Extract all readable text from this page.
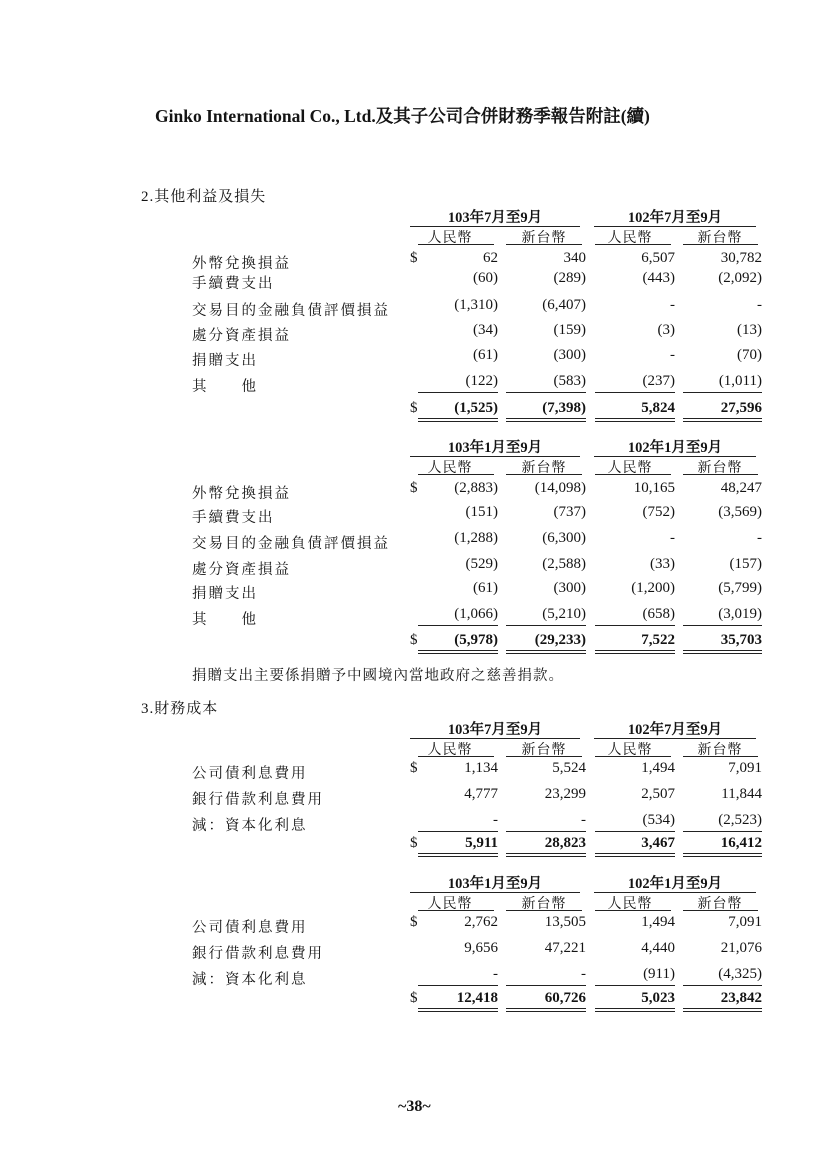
Ginko International Co., Ltd.及其子公司合併財務季報告附註(續)
2.其他利益及損失
捐贈支出主要係捐贈予中國境內當地政府之慈善捐款。
3.財務成本
103年7月至9月	102年7月至9月
人民幣	新台幣	人民幣	新台幣
外幣兌換損益	$	62	340	6,507	30,782
手續費支出	(60)	(289)	(443)	(2,092)
交易目的金融負債評價損益	(1,310)	(6,407)	-	-
處分資產損益	(34)	(159)	(3)	(13)
捐贈支出	(61)	(300)	-	(70)
其　　他	(122)	(583)	(237)	(1,011)
$	(1,525)	(7,398)	5,824	27,596
103年1月至9月	102年1月至9月
人民幣	新台幣	人民幣	新台幣
外幣兌換損益	$	(2,883)	(14,098)	10,165	48,247
手續費支出	(151)	(737)	(752)	(3,569)
交易目的金融負債評價損益	(1,288)	(6,300)	-	-
處分資產損益	(529)	(2,588)	(33)	(157)
捐贈支出	(61)	(300)	(1,200)	(5,799)
其　　他	(1,066)	(5,210)	(658)	(3,019)
$	(5,978)	(29,233)	7,522	35,703
103年7月至9月	102年7月至9月
人民幣	新台幣	人民幣	新台幣
公司債利息費用	$	1,134	5,524	1,494	7,091
銀行借款利息費用	4,777	23,299	2,507	11,844
減：資本化利息	-	-	(534)	(2,523)
$	5,911	28,823	3,467	16,412
103年1月至9月	102年1月至9月
人民幣	新台幣	人民幣	新台幣
公司債利息費用	$	2,762	13,505	1,494	7,091
銀行借款利息費用	9,656	47,221	4,440	21,076
減：資本化利息	-	-	(911)	(4,325)
$	12,418	60,726	5,023	23,842
~38~
